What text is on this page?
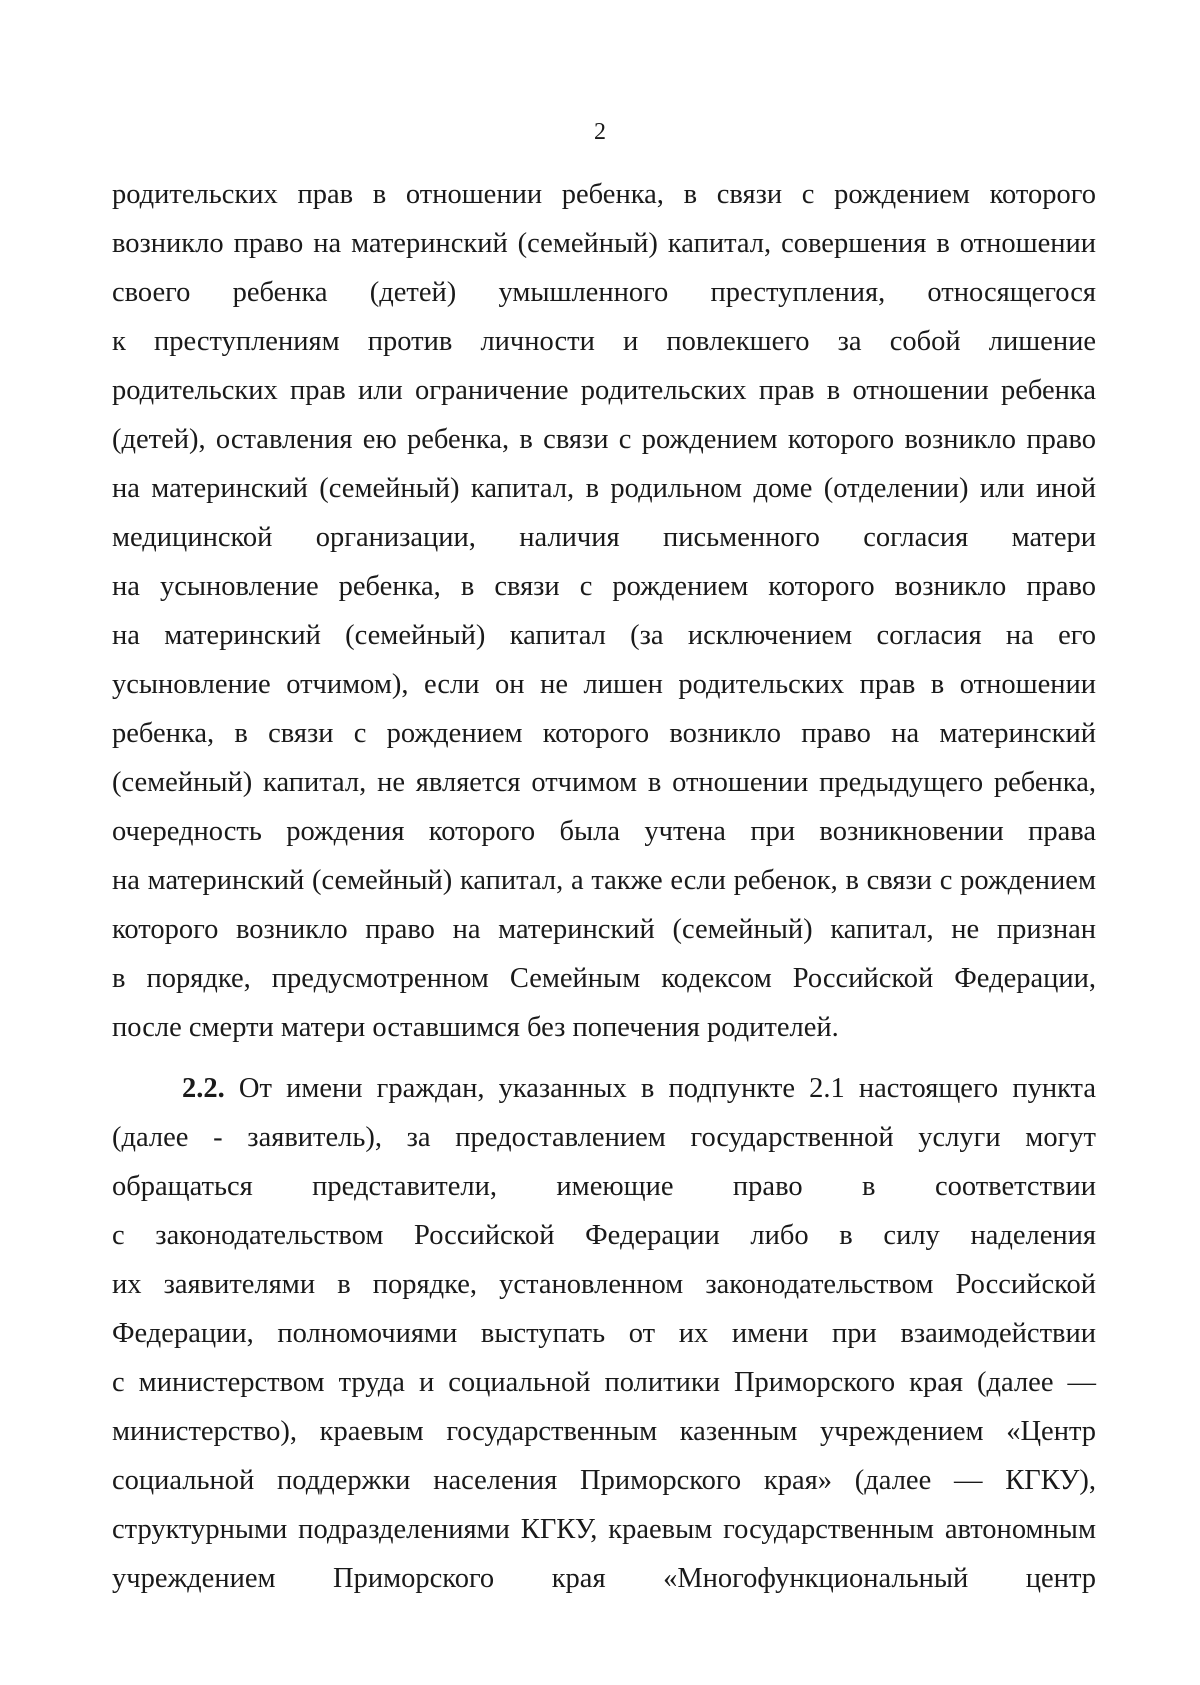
2
родительских прав в отношении ребенка, в связи с рождением которого
возникло право на материнский (семейный) капитал, совершения в отношении
своего ребенка (детей) умышленного преступления, относящегося
к преступлениям против личности и повлекшего за собой лишение
родительских прав или ограничение родительских прав в отношении ребенка
(детей), оставления ею ребенка, в связи с рождением которого возникло право
на материнский (семейный) капитал, в родильном доме (отделении) или иной
медицинской организации, наличия письменного согласия матери
на усыновление ребенка, в связи с рождением которого возникло право
на материнский (семейный) капитал (за исключением согласия на его
усыновление отчимом), если он не лишен родительских прав в отношении
ребенка, в связи с рождением которого возникло право на материнский
(семейный) капитал, не является отчимом в отношении предыдущего ребенка,
очередность рождения которого была учтена при возникновении права
на материнский (семейный) капитал, а также если ребенок, в связи с рождением
которого возникло право на материнский (семейный) капитал, не признан
в порядке, предусмотренном Семейным кодексом Российской Федерации,
после смерти матери оставшимся без попечения родителей.
2.2. От имени граждан, указанных в подпункте 2.1 настоящего пункта
(далее - заявитель), за предоставлением государственной услуги могут
обращаться представители, имеющие право в соответствии
с законодательством Российской Федерации либо в силу наделения
их заявителями в порядке, установленном законодательством Российской
Федерации, полномочиями выступать от их имени при взаимодействии
с министерством труда и социальной политики Приморского края (далее —
министерство), краевым государственным казенным учреждением «Центр
социальной поддержки населения Приморского края» (далее — КГКУ),
структурными подразделениями КГКУ, краевым государственным автономным
учреждением Приморского края «Многофункциональный центр
